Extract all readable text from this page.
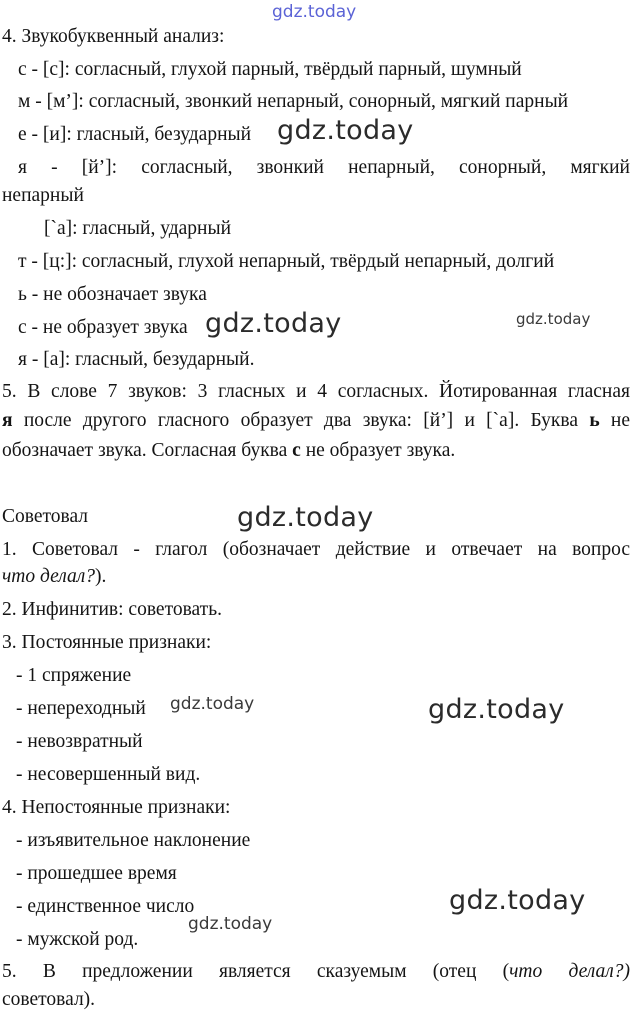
gdz.today
4. Звукобуквенный анализ:
с - [с]: согласный, глухой парный, твёрдый парный, шумный
м - [м’]: согласный, звонкий непарный, сонорный, мягкий парный
е - [и]: гласный, безударный
я - [й’]: согласный, звонкий непарный, сонорный, мягкий
непарный
[`а]: гласный, ударный
т - [ц:]: согласный, глухой непарный, твёрдый непарный, долгий
ь - не обозначает звука
с - не образует звука
я - [а]: гласный, безударный.
5. В слове 7 звуков: 3 гласных и 4 согласных. Йотированная гласная
я после другого гласного образует два звука: [й’] и [`а]. Буква ь не
обозначает звука. Согласная буква с не образует звука.
Советовал
1. Советовал - глагол (обозначает действие и отвечает на вопрос
что делал?).
2. Инфинитив: советовать.
3. Постоянные признаки:
- 1 спряжение
- непереходный
- невозвратный
- несовершенный вид.
4. Непостоянные признаки:
- изъявительное наклонение
- прошедшее время
- единственное число
- мужской род.
5. В предложении является сказуемым (отец (что делал?)
советовал).
gdz.today
gdz.today	gdz.today
gdz.today
gdz.today	gdz.today
gdz.today
gdz.today
